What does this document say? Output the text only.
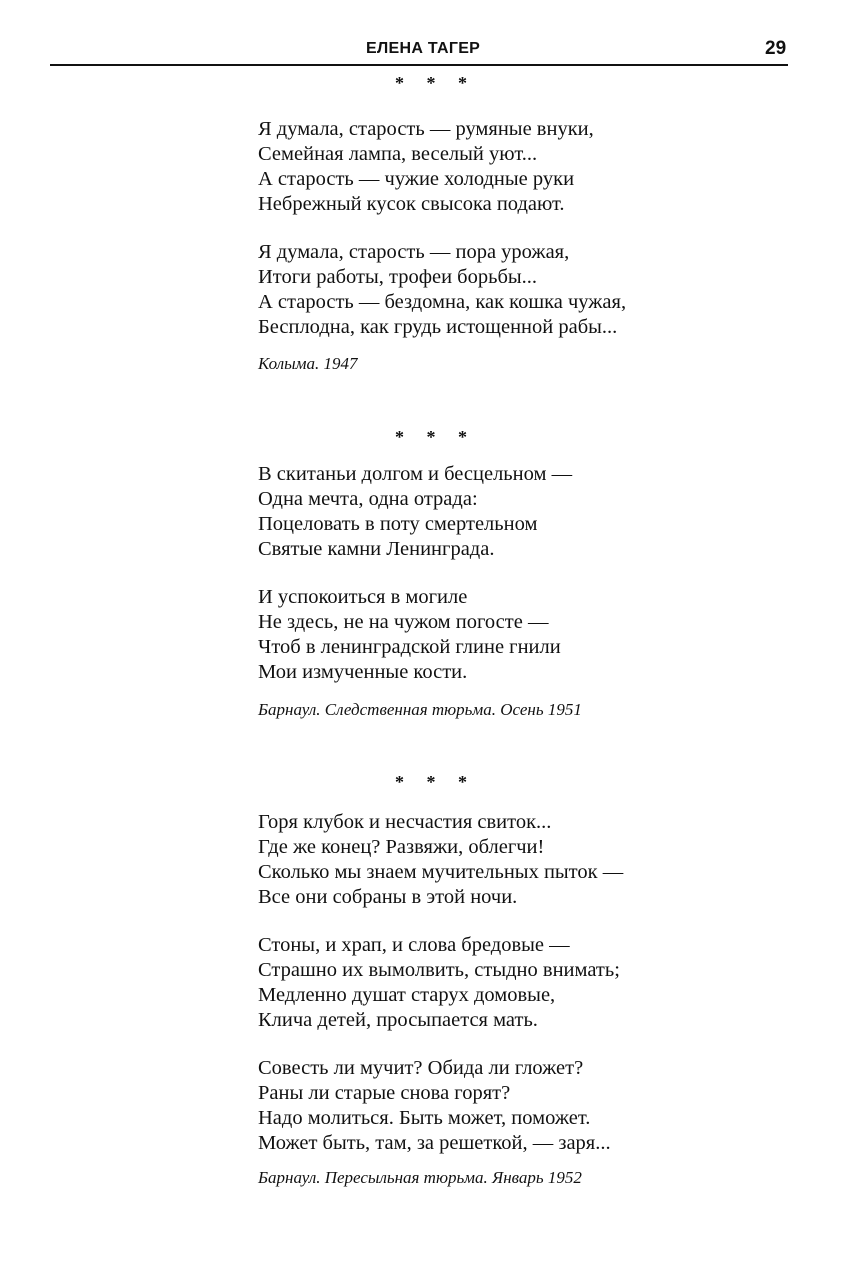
ЕЛЕНА ТАГЕР	29
* * *
Я думала, старость — румяные внуки,
Семейная лампа, веселый уют...
А старость — чужие холодные руки
Небрежный кусок свысока подают.
Я думала, старость — пора урожая,
Итоги работы, трофеи борьбы...
А старость — бездомна, как кошка чужая,
Бесплодна, как грудь истощенной рабы...
Колыма. 1947
* * *
В скитаньи долгом и бесцельном —
Одна мечта, одна отрада:
Поцеловать в поту смертельном
Святые камни Ленинграда.
И успокоиться в могиле
Не здесь, не на чужом погосте —
Чтоб в ленинградской глине гнили
Мои измученные кости.
Барнаул. Следственная тюрьма. Осень 1951
* * *
Горя клубок и несчастия свиток...
Где же конец? Развяжи, облегчи!
Сколько мы знаем мучительных пыток —
Все они собраны в этой ночи.
Стоны, и храп, и слова бредовые —
Страшно их вымолвить, стыдно внимать;
Медленно душат старух домовые,
Клича детей, просыпается мать.
Совесть ли мучит? Обида ли гложет?
Раны ли старые снова горят?
Надо молиться. Быть может, поможет.
Может быть, там, за решеткой, — заря...
Барнаул. Пересыльная тюрьма. Январь 1952
